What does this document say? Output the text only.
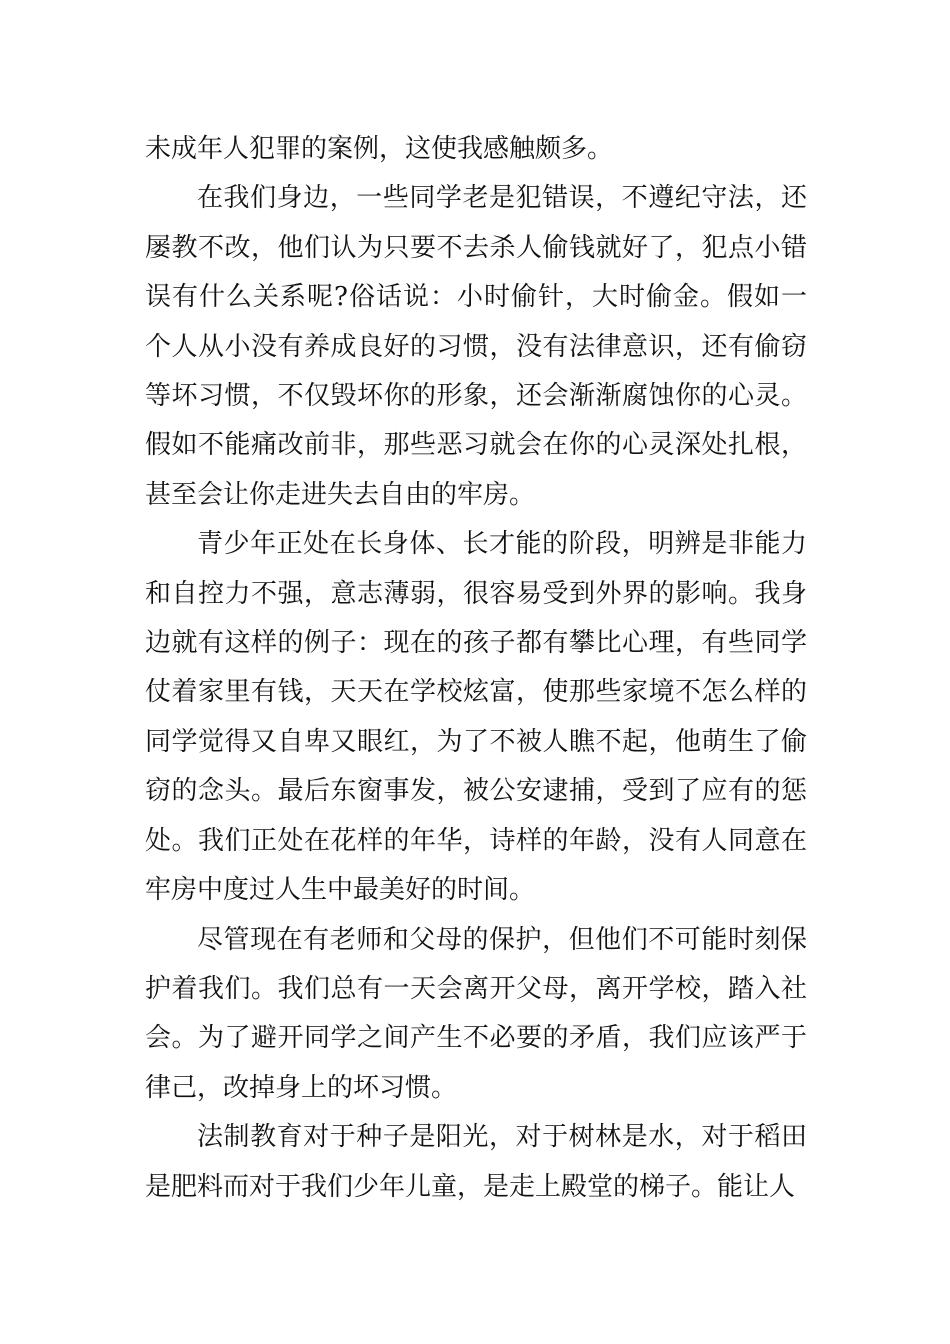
未成年人犯罪的案例，这使我感触颇多。

在我们身边，一些同学老是犯错误，不遵纪守法，还屡教不改，他们认为只要不去杀人偷钱就好了，犯点小错误有什么关系呢?俗话说：小时偷针，大时偷金。假如一个人从小没有养成良好的习惯，没有法律意识，还有偷窃等坏习惯，不仅毁坏你的形象，还会渐渐腐蚀你的心灵。假如不能痛改前非，那些恶习就会在你的心灵深处扎根，甚至会让你走进失去自由的牢房。

青少年正处在长身体、长才能的阶段，明辨是非能力和自控力不强，意志薄弱，很容易受到外界的影响。我身边就有这样的例子：现在的孩子都有攀比心理，有些同学仗着家里有钱，天天在学校炫富，使那些家境不怎么样的同学觉得又自卑又眼红，为了不被人瞧不起，他萌生了偷窃的念头。最后东窗事发，被公安逮捕，受到了应有的惩处。我们正处在花样的年华，诗样的年龄，没有人同意在牢房中度过人生中最美好的时间。

尽管现在有老师和父母的保护，但他们不可能时刻保护着我们。我们总有一天会离开父母，离开学校，踏入社会。为了避开同学之间产生不必要的矛盾，我们应该严于律己，改掉身上的坏习惯。

法制教育对于种子是阳光，对于树林是水，对于稻田是肥料而对于我们少年儿童，是走上殿堂的梯子。能让人
